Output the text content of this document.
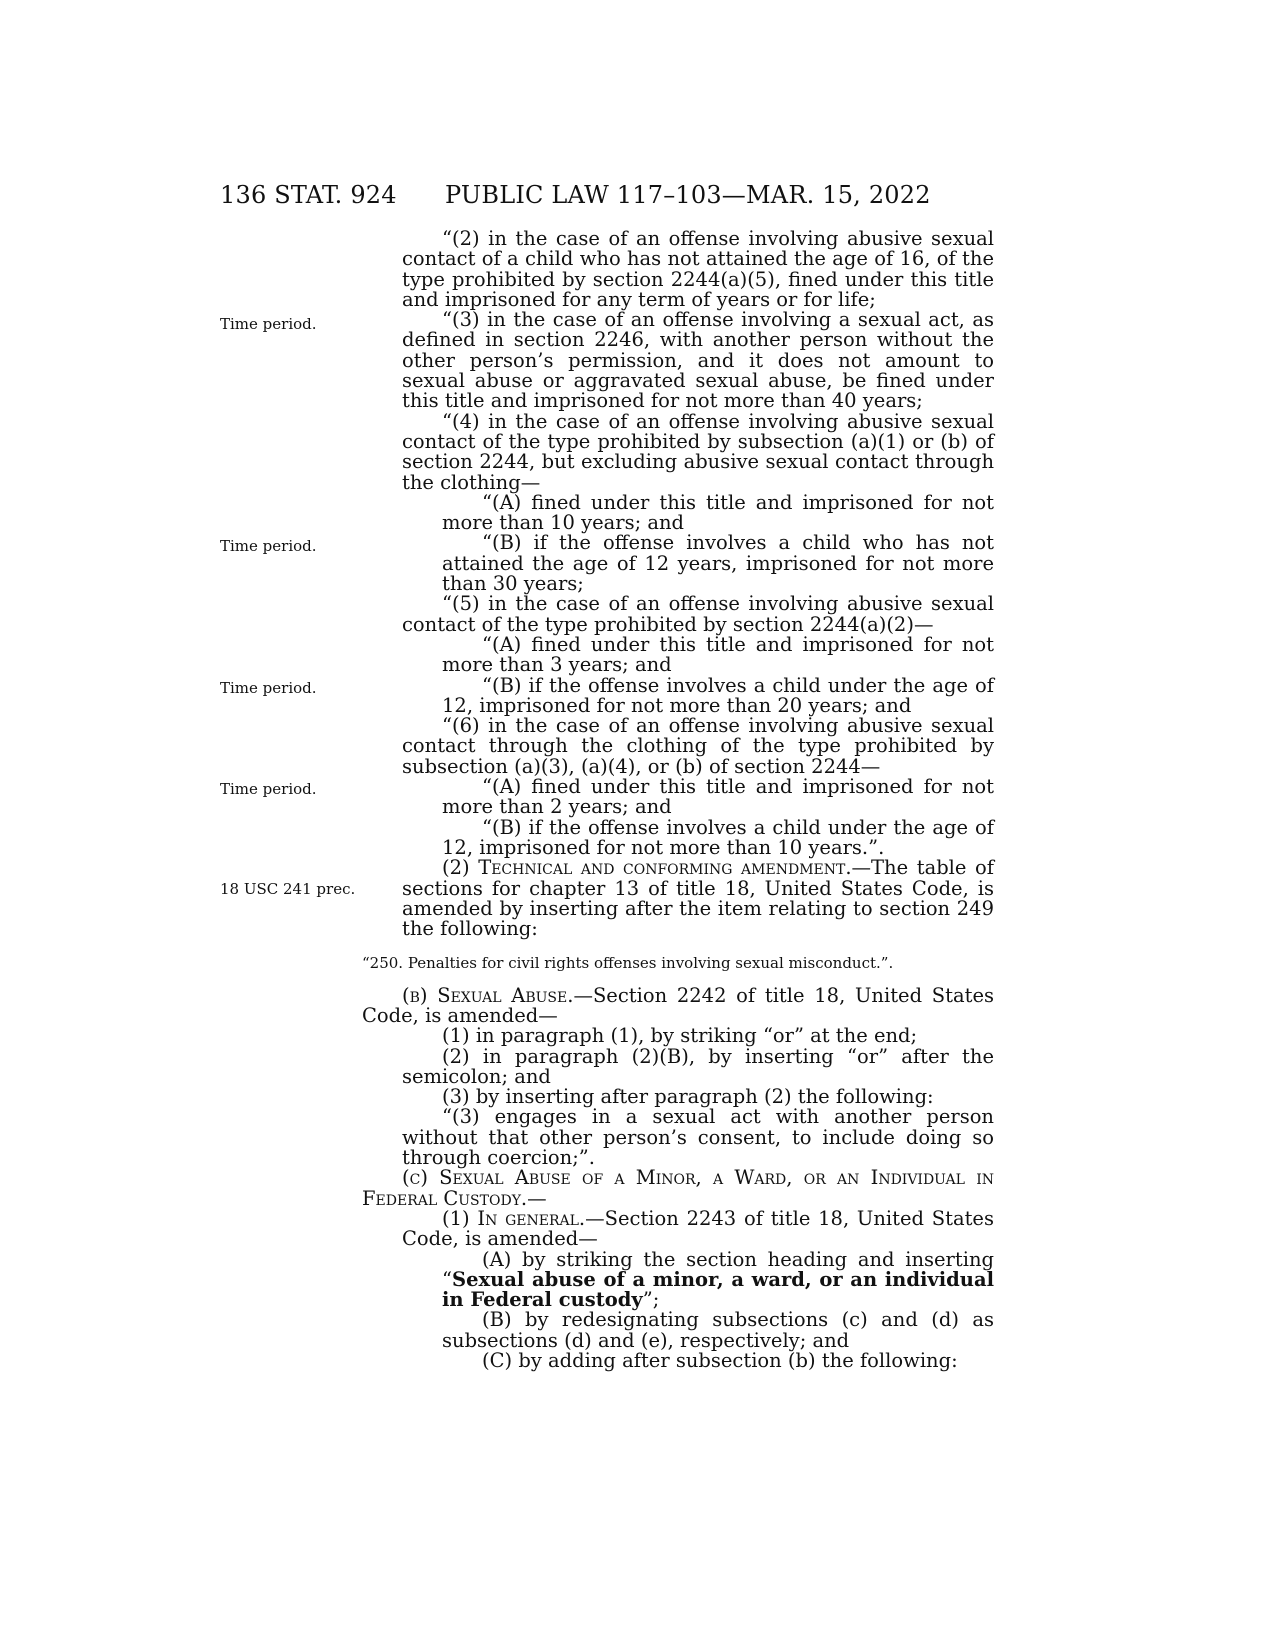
136 STAT. 924 PUBLIC LAW 117–103—MAR. 15, 2022
Time period.
Time period.
Time period.
Time period.
18 USC 241 prec.

“(2) in the case of an offense involving abusive sexual contact of a child who has not attained the age of 16, of the type prohibited by section 2244(a)(5), fined under this title and imprisoned for any term of years or for life;

“(3) in the case of an offense involving a sexual act, as defined in section 2246, with another person without the other person’s permission, and it does not amount to sexual abuse or aggravated sexual abuse, be fined under this title and imprisoned for not more than 40 years;

“(4) in the case of an offense involving abusive sexual contact of the type prohibited by subsection (a)(1) or (b) of section 2244, but excluding abusive sexual contact through the clothing—

“(A) fined under this title and imprisoned for not more than 10 years; and

“(B) if the offense involves a child who has not attained the age of 12 years, imprisoned for not more than 30 years;

“(5) in the case of an offense involving abusive sexual contact of the type prohibited by section 2244(a)(2)—

“(A) fined under this title and imprisoned for not more than 3 years; and

“(B) if the offense involves a child under the age of 12, imprisoned for not more than 20 years; and

“(6) in the case of an offense involving abusive sexual contact through the clothing of the type prohibited by subsection (a)(3), (a)(4), or (b) of section 2244—

“(A) fined under this title and imprisoned for not more than 2 years; and

“(B) if the offense involves a child under the age of 12, imprisoned for not more than 10 years.”.

(2) Technical and conforming amendment.—The table of sections for chapter 13 of title 18, United States Code, is amended by inserting after the item relating to section 249 the following:

“250. Penalties for civil rights offenses involving sexual misconduct.”.

(b) Sexual Abuse.—Section 2242 of title 18, United States Code, is amended—

(1) in paragraph (1), by striking “or” at the end;

(2) in paragraph (2)(B), by inserting “or” after the semicolon; and

(3) by inserting after paragraph (2) the following:

“(3) engages in a sexual act with another person without that other person’s consent, to include doing so through coercion;”.

(c) Sexual Abuse of a Minor, a Ward, or an Individual in Federal Custody.—

(1) In general.—Section 2243 of title 18, United States Code, is amended—

(A) by striking the section heading and inserting “Sexual abuse of a minor, a ward, or an individual in Federal custody”;

(B) by redesignating subsections (c) and (d) as subsections (d) and (e), respectively; and

(C) by adding after subsection (b) the following:
